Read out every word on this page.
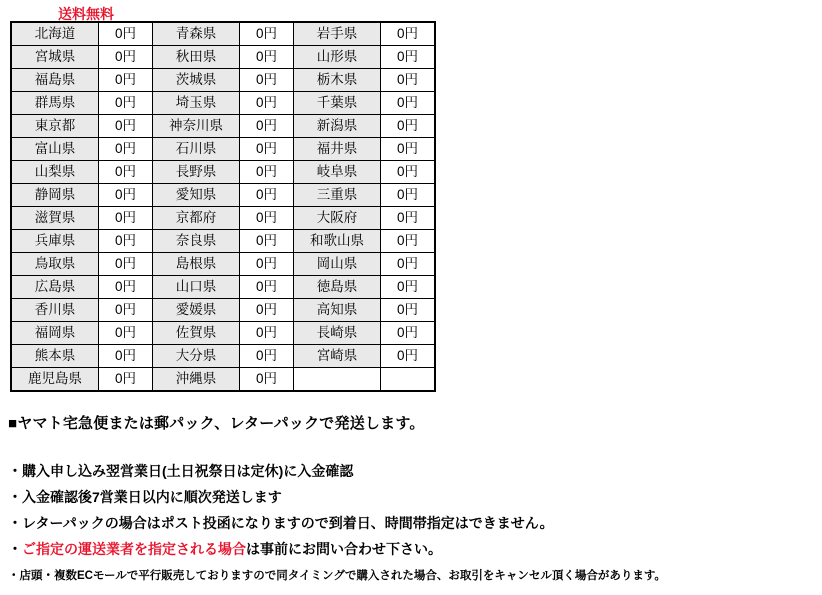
送料無料
北海道	0円	青森県	0円	岩手県	0円
宮城県	0円	秋田県	0円	山形県	0円
福島県	0円	茨城県	0円	栃木県	0円
群馬県	0円	埼玉県	0円	千葉県	0円
東京都	0円	神奈川県	0円	新潟県	0円
富山県	0円	石川県	0円	福井県	0円
山梨県	0円	長野県	0円	岐阜県	0円
静岡県	0円	愛知県	0円	三重県	0円
滋賀県	0円	京都府	0円	大阪府	0円
兵庫県	0円	奈良県	0円	和歌山県	0円
鳥取県	0円	島根県	0円	岡山県	0円
広島県	0円	山口県	0円	徳島県	0円
香川県	0円	愛媛県	0円	高知県	0円
福岡県	0円	佐賀県	0円	長崎県	0円
熊本県	0円	大分県	0円	宮崎県	0円
鹿児島県	0円	沖縄県	0円		

■ヤマト宅急便または郵パック、レターパックで発送します。

・購入申し込み翌営業日(土日祝祭日は定休)に入金確認

・入金確認後7営業日以内に順次発送します

・レターパックの場合はポスト投函になりますので到着日、時間帯指定はできません。

・ご指定の運送業者を指定される場合は事前にお問い合わせ下さい。

・店頭・複数ECモールで平行販売しておりますので同タイミングで購入された場合、お取引をキャンセル頂く場合があります。
